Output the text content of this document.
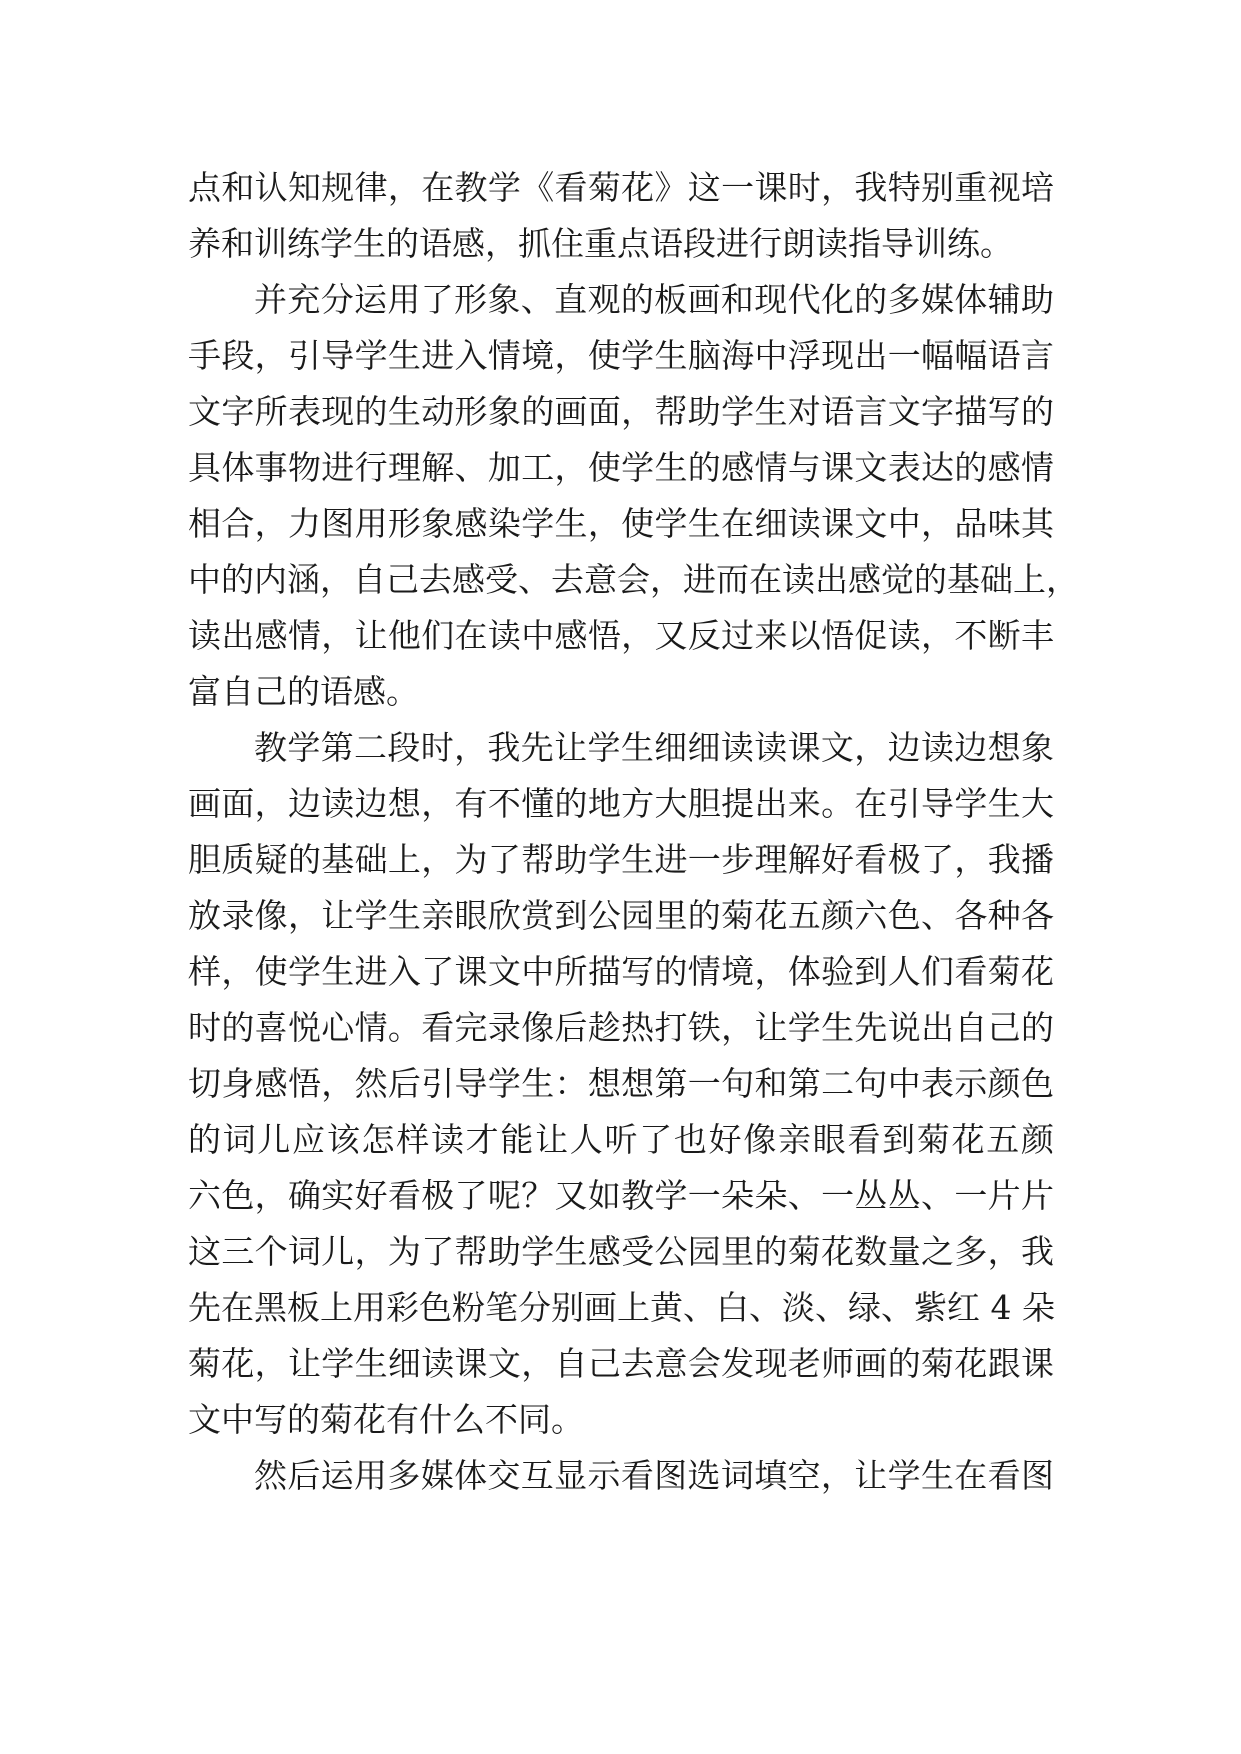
点和认知规律，在教学《看菊花》这一课时，我特别重视培
养和训练学生的语感，抓住重点语段进行朗读指导训练。
并充分运用了形象、直观的板画和现代化的多媒体辅助
手段，引导学生进入情境，使学生脑海中浮现出一幅幅语言
文字所表现的生动形象的画面，帮助学生对语言文字描写的
具体事物进行理解、加工，使学生的感情与课文表达的感情
相合，力图用形象感染学生，使学生在细读课文中，品味其
中的内涵，自己去感受、去意会，进而在读出感觉的基础上，
读出感情，让他们在读中感悟，又反过来以悟促读，不断丰
富自己的语感。
教学第二段时，我先让学生细细读读课文，边读边想象
画面，边读边想，有不懂的地方大胆提出来。在引导学生大
胆质疑的基础上，为了帮助学生进一步理解好看极了，我播
放录像，让学生亲眼欣赏到公园里的菊花五颜六色、各种各
样，使学生进入了课文中所描写的情境，体验到人们看菊花
时的喜悦心情。看完录像后趁热打铁，让学生先说出自己的
切身感悟，然后引导学生：想想第一句和第二句中表示颜色
的词儿应该怎样读才能让人听了也好像亲眼看到菊花五颜
六色，确实好看极了呢？又如教学一朵朵、一丛丛、一片片
这三个词儿，为了帮助学生感受公园里的菊花数量之多，我
先在黑板上用彩色粉笔分别画上黄、白、淡、绿、紫红 4 朵
菊花，让学生细读课文，自己去意会发现老师画的菊花跟课
文中写的菊花有什么不同。
然后运用多媒体交互显示看图选词填空，让学生在看图
